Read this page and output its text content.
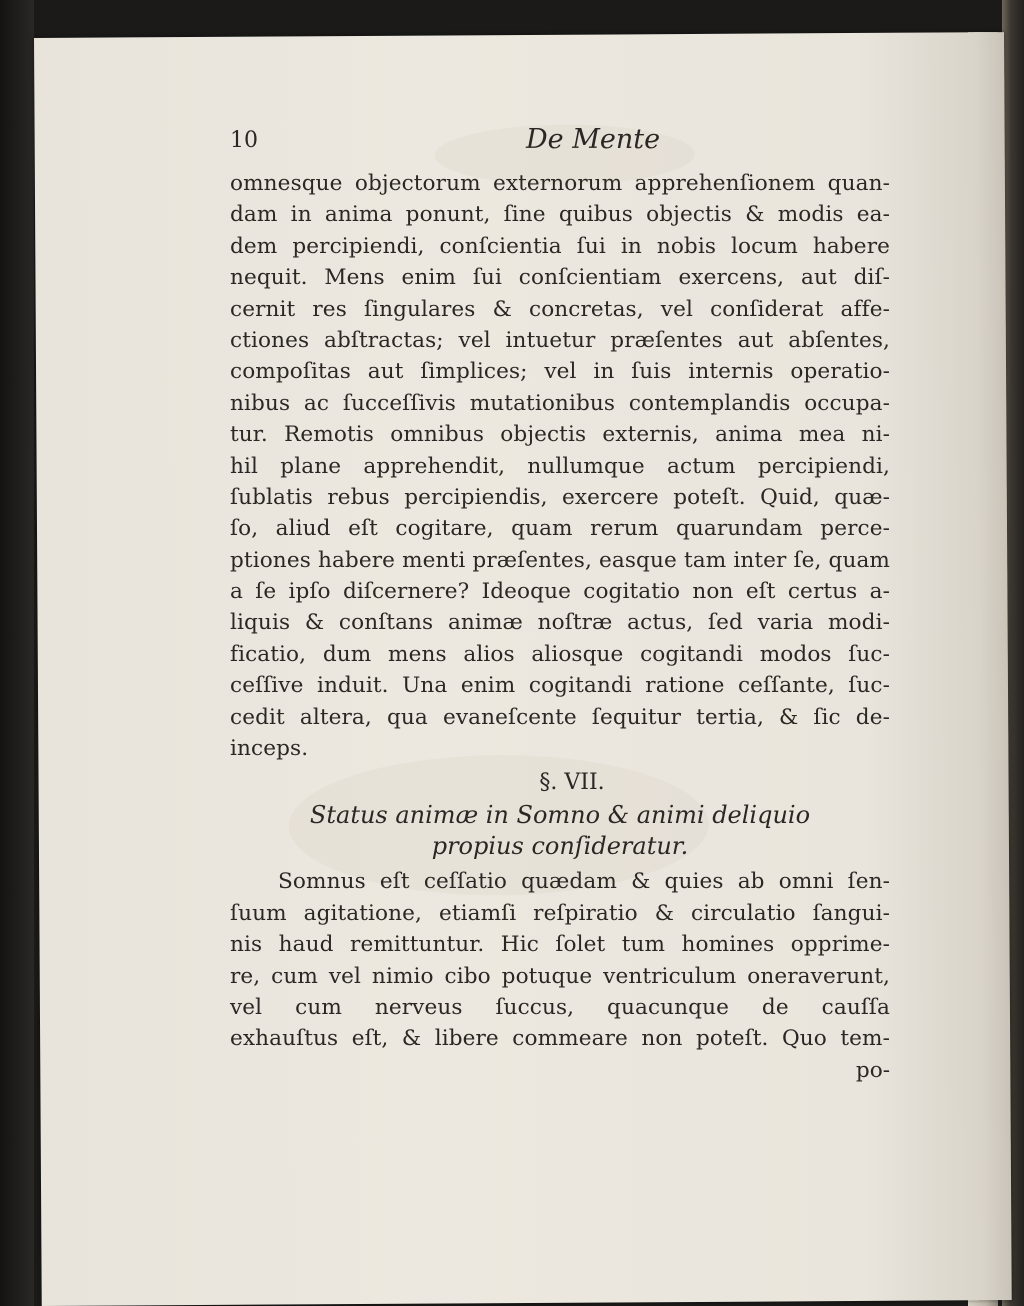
10	De Mente
omnesque objectorum externorum apprehenſionem quan-
dam in anima ponunt, ſine quibus objectis & modis ea-
dem percipiendi, conſcientia ſui in nobis locum habere
nequit. Mens enim ſui conſcientiam exercens, aut diſ-
cernit res ſingulares & concretas, vel conſiderat affe-
ctiones abſtractas; vel intuetur præſentes aut abſentes,
compoſitas aut ſimplices; vel in ſuis internis operatio-
nibus ac ſucceſſivis mutationibus contemplandis occupa-
tur. Remotis omnibus objectis externis, anima mea ni-
hil plane apprehendit, nullumque actum percipiendi,
ſublatis rebus percipiendis, exercere poteſt. Quid, quæ-
ſo, aliud eſt cogitare, quam rerum quarundam perce-
ptiones habere menti præſentes, easque tam inter ſe, quam
a ſe ipſo diſcernere? Ideoque cogitatio non eſt certus a-
liquis & conſtans animæ noſtræ actus, ſed varia modi-
ficatio, dum mens alios aliosque cogitandi modos ſuc-
ceſſive induit. Una enim cogitandi ratione ceſſante, ſuc-
cedit altera, qua evaneſcente ſequitur tertia, & ſic de-
inceps.
§. VII.
Status animæ in Somno & animi deliquio
propius conſideratur.
Somnus eſt ceſſatio quædam & quies ab omni ſen-
ſuum agitatione, etiamſi reſpiratio & circulatio ſangui-
nis haud remittuntur. Hic ſolet tum homines opprime-
re, cum vel nimio cibo potuque ventriculum oneraverunt,
vel cum nerveus ſuccus, quacunque de cauſſa
exhauſtus eſt, & libere commeare non poteſt. Quo tem-
po-
